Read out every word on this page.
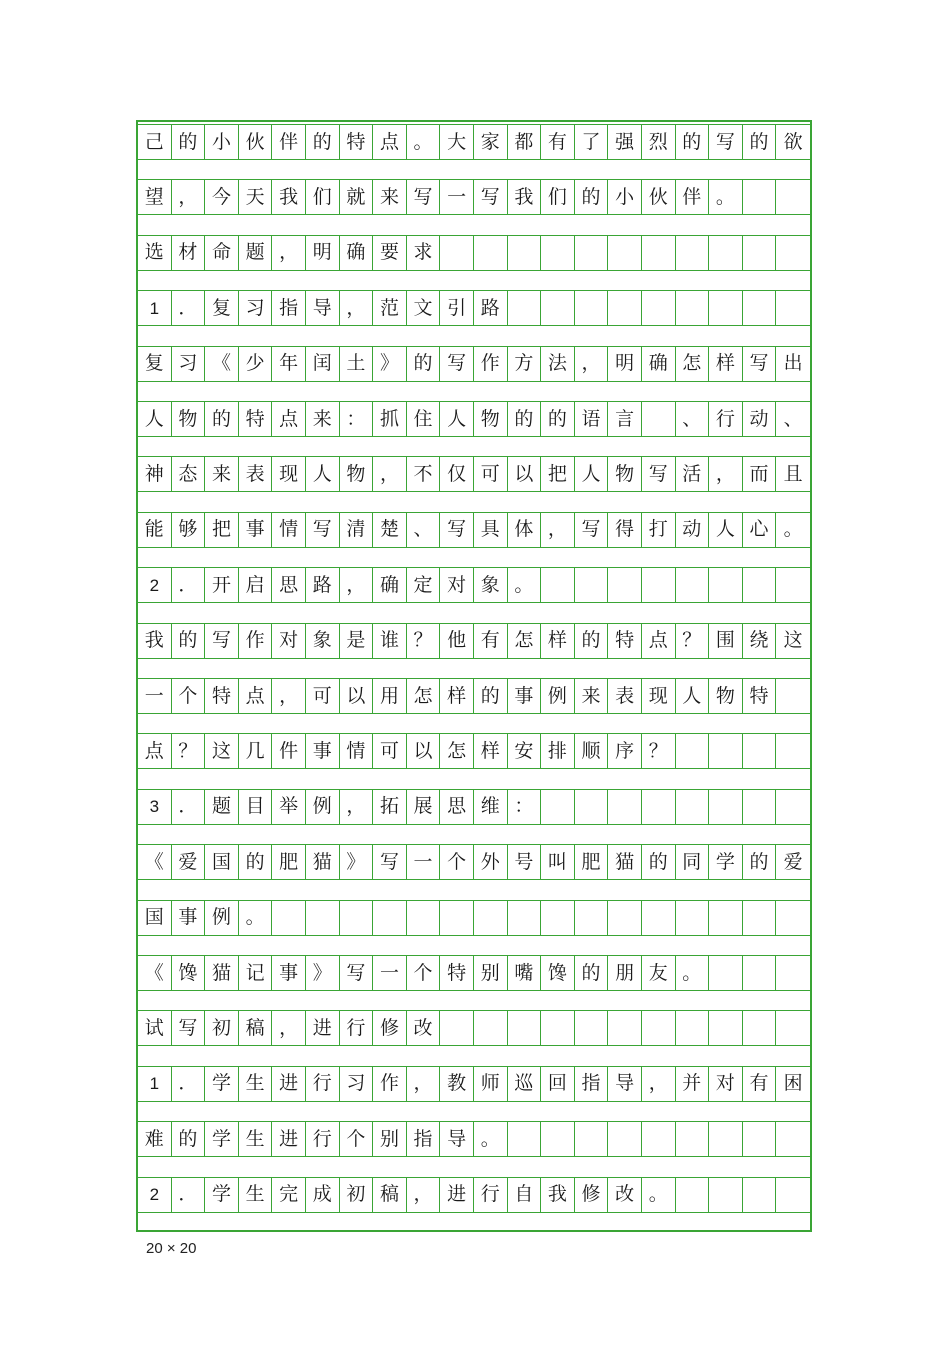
己 的 小 伙 伴 的 特 点 。 大 家 都 有 了 强 烈 的 写 的 欲
望 ， 今 天 我 们 就 来 写 一 写 我 们 的 小 伙 伴 。
选 材 命 题 ， 明 确 要 求
1	． 复 习 指 导 ， 范 文 引 路
复 习 《 少 年 闰 土 》 的 写 作 方 法 ， 明 确 怎 样 写 出
人 物 的 特 点 来 ： 抓 住 人 物 的 的 语 言	、 行 动 、
神 态 来 表 现 人 物 ， 不 仅 可 以 把 人 物 写 活 ， 而 且
能 够 把 事 情 写 清 楚 、 写 具 体 ， 写 得 打 动 人 心 。
2	． 开 启 思 路 ， 确 定 对 象 。
我 的 写 作 对 象 是 谁 ？ 他 有 怎 样 的 特 点 ？ 围 绕 这
一 个 特 点 ， 可 以 用 怎 样 的 事 例 来 表 现 人 物 特
点 ？ 这 几 件 事 情 可 以 怎 样 安 排 顺 序 ？
3	． 题 目 举 例 ， 拓 展 思 维 ：
《 爱 国 的 肥 猫 》 写 一 个 外 号 叫 肥 猫 的 同 学 的 爱
国 事 例 。
《 馋 猫 记 事 》 写 一 个 特 别 嘴 馋 的 朋 友 。
试 写 初 稿 ， 进 行 修 改
1	． 学 生 进 行 习 作 ， 教 师 巡 回 指 导 ， 并 对 有 困
难 的 学 生 进 行 个 别 指 导 。
2	． 学 生 完 成 初 稿 ， 进 行 自 我 修 改 。
20 × 20
